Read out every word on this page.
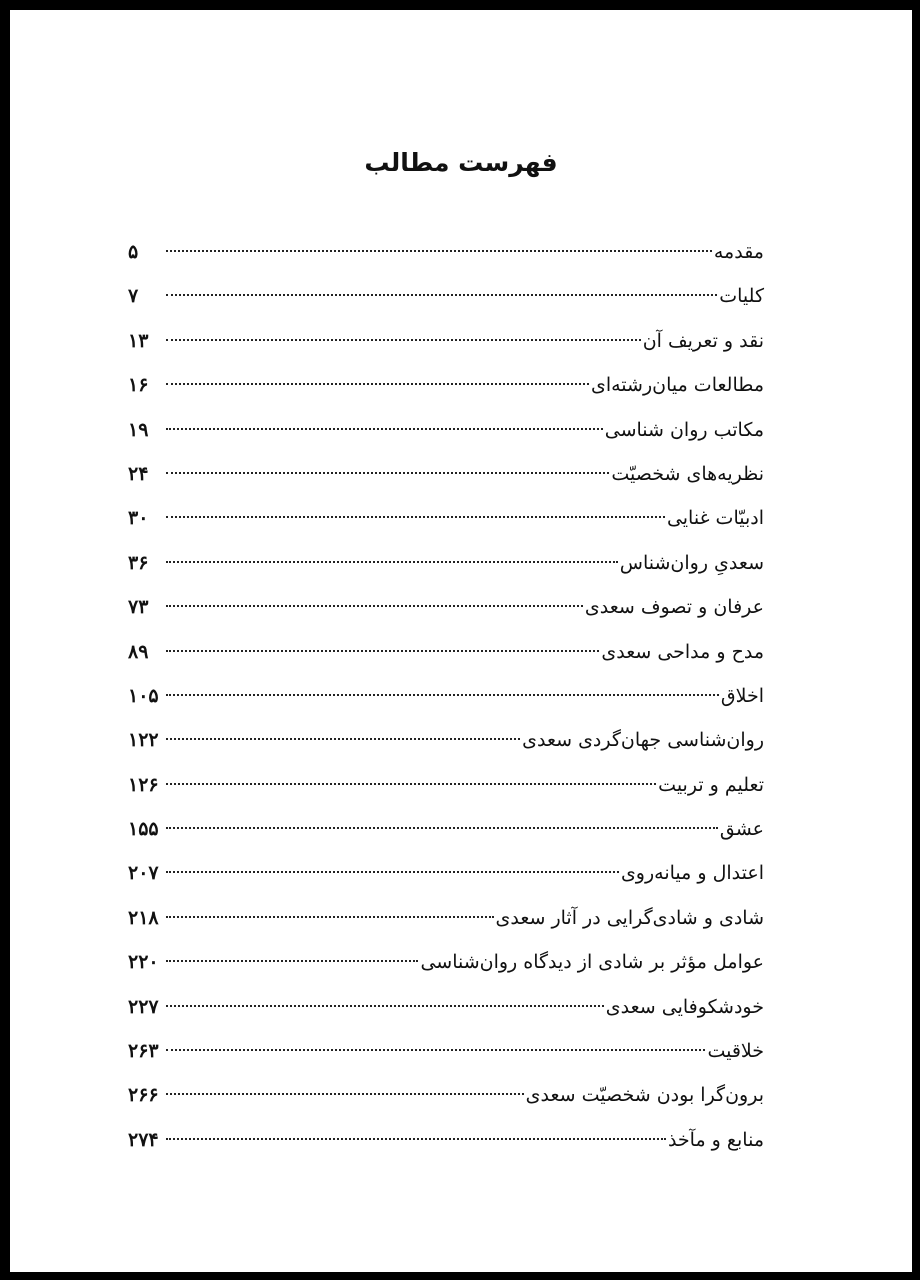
فهرست مطالب
مقدمه
۵
کلیات
۷
نقد و تعریف آن
۱۳
مطالعات میان‌رشته‌ای
۱۶
مکاتب روان شناسی
۱۹
نظریه‌های شخصیّت
۲۴
ادبیّات غنایی
۳۰
سعدیِ روان‌شناس
۳۶
عرفان و تصوف سعدی
۷۳
مدح و مداحی سعدی
۸۹
اخلاق
۱۰۵
روان‌شناسی جهان‌گردی سعدی
۱۲۲
تعلیم و تربیت
۱۲۶
عشق
۱۵۵
اعتدال و میانه‌روی
۲۰۷
شادی و شادی‌گرایی در آثار سعدی
۲۱۸
عوامل مؤثر بر شادی از دیدگاه روان‌شناسی
۲۲۰
خودشکوفایی سعدی
۲۲۷
خلاقیت
۲۶۳
برون‌گرا بودن شخصیّت سعدی
۲۶۶
منابع و مآخذ
۲۷۴
